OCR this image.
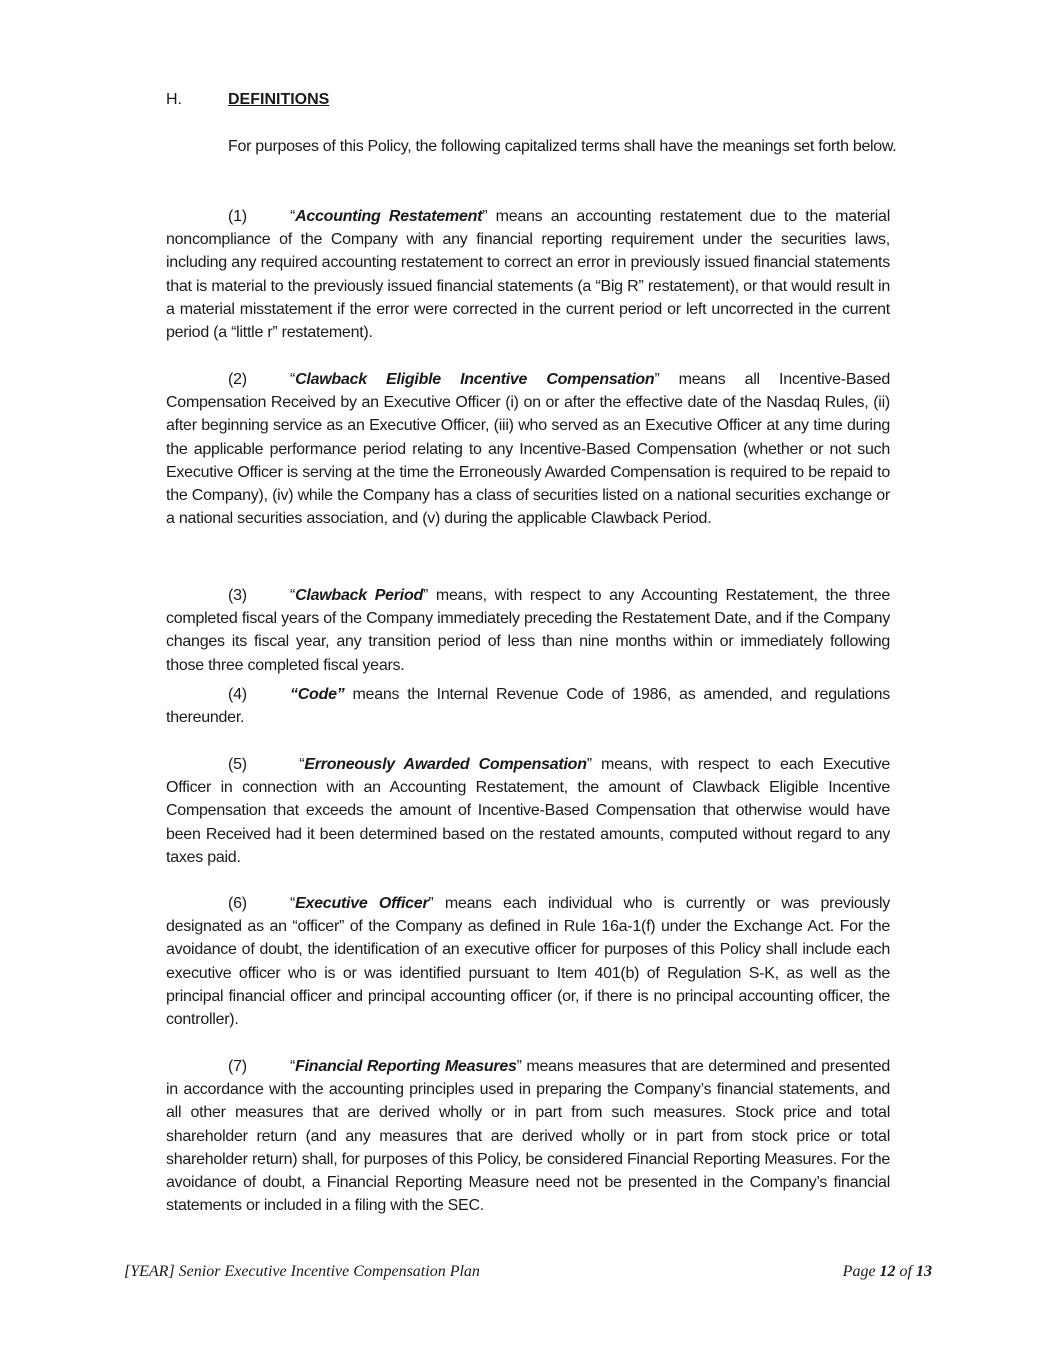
H.	DEFINITIONS
For purposes of this Policy, the following capitalized terms shall have the meanings set forth below.
(1)	“Accounting Restatement” means an accounting restatement due to the material noncompliance of the Company with any financial reporting requirement under the securities laws, including any required accounting restatement to correct an error in previously issued financial statements that is material to the previously issued financial statements (a “Big R” restatement), or that would result in a material misstatement if the error were corrected in the current period or left uncorrected in the current period (a “little r” restatement).
(2)	“Clawback Eligible Incentive Compensation” means all Incentive-Based Compensation Received by an Executive Officer (i) on or after the effective date of the Nasdaq Rules, (ii) after beginning service as an Executive Officer, (iii) who served as an Executive Officer at any time during the applicable performance period relating to any Incentive-Based Compensation (whether or not such Executive Officer is serving at the time the Erroneously Awarded Compensation is required to be repaid to the Company), (iv) while the Company has a class of securities listed on a national securities exchange or a national securities association, and (v) during the applicable Clawback Period.
(3)	“Clawback Period” means, with respect to any Accounting Restatement, the three completed fiscal years of the Company immediately preceding the Restatement Date, and if the Company changes its fiscal year, any transition period of less than nine months within or immediately following those three completed fiscal years.
(4)	“Code” means the Internal Revenue Code of 1986, as amended, and regulations thereunder.
(5)	“Erroneously Awarded Compensation” means, with respect to each Executive Officer in connection with an Accounting Restatement, the amount of Clawback Eligible Incentive Compensation that exceeds the amount of Incentive-Based Compensation that otherwise would have been Received had it been determined based on the restated amounts, computed without regard to any taxes paid.
(6)	“Executive Officer” means each individual who is currently or was previously designated as an “officer” of the Company as defined in Rule 16a-1(f) under the Exchange Act. For the avoidance of doubt, the identification of an executive officer for purposes of this Policy shall include each executive officer who is or was identified pursuant to Item 401(b) of Regulation S-K, as well as the principal financial officer and principal accounting officer (or, if there is no principal accounting officer, the controller).
(7)	“Financial Reporting Measures” means measures that are determined and presented in accordance with the accounting principles used in preparing the Company’s financial statements, and all other measures that are derived wholly or in part from such measures. Stock price and total shareholder return (and any measures that are derived wholly or in part from stock price or total shareholder return) shall, for purposes of this Policy, be considered Financial Reporting Measures. For the avoidance of doubt, a Financial Reporting Measure need not be presented in the Company’s financial statements or included in a filing with the SEC.
[YEAR] Senior Executive Incentive Compensation Plan	Page 12 of 13
